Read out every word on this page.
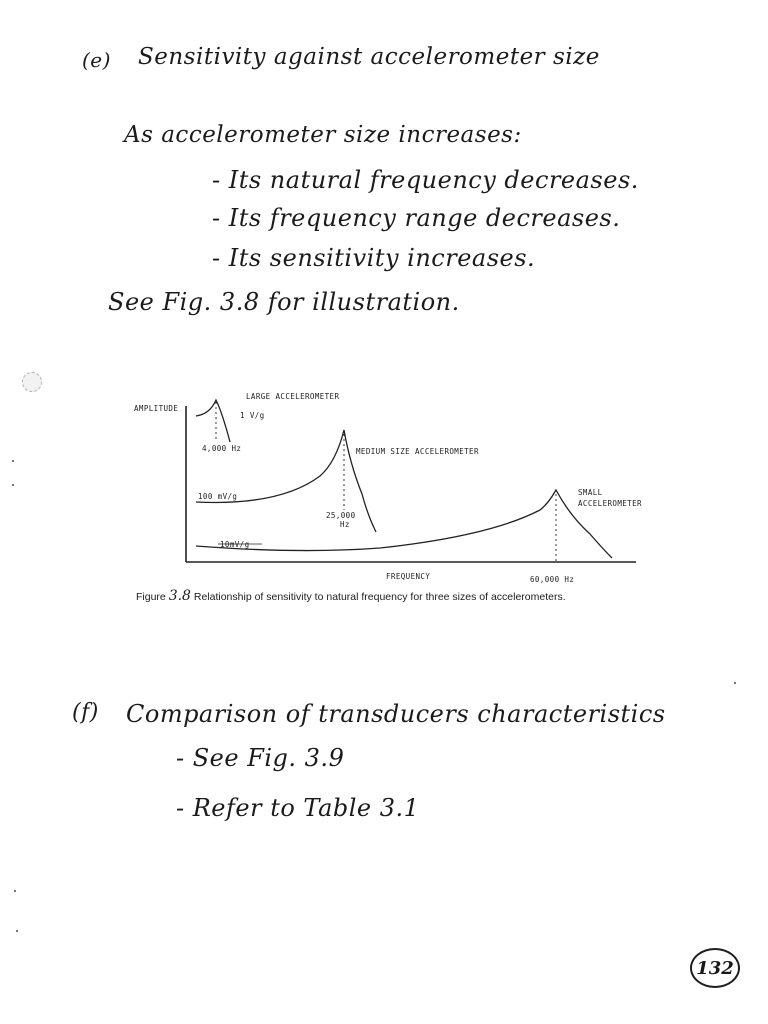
(e) Sensitivity against accelerometer size
As accelerometer size increases:
- Its natural frequency decreases.
- Its frequency range decreases.
- Its sensitivity increases.
See Fig. 3.8 for illustration.
AMPLITUDE
LARGE ACCELEROMETER
1 V/g
4,000 Hz	MEDIUM SIZE ACCELEROMETER
100 mV/g
25,000
Hz
SMALL
ACCELEROMETER
10mV/g
FREQUENCY	60,000 Hz
Figure 3.8 Relationship of sensitivity to natural frequency for three sizes of accelerometers.
(f) Comparison of transducers characteristics
- See Fig. 3.9
- Refer to Table 3.1
132
